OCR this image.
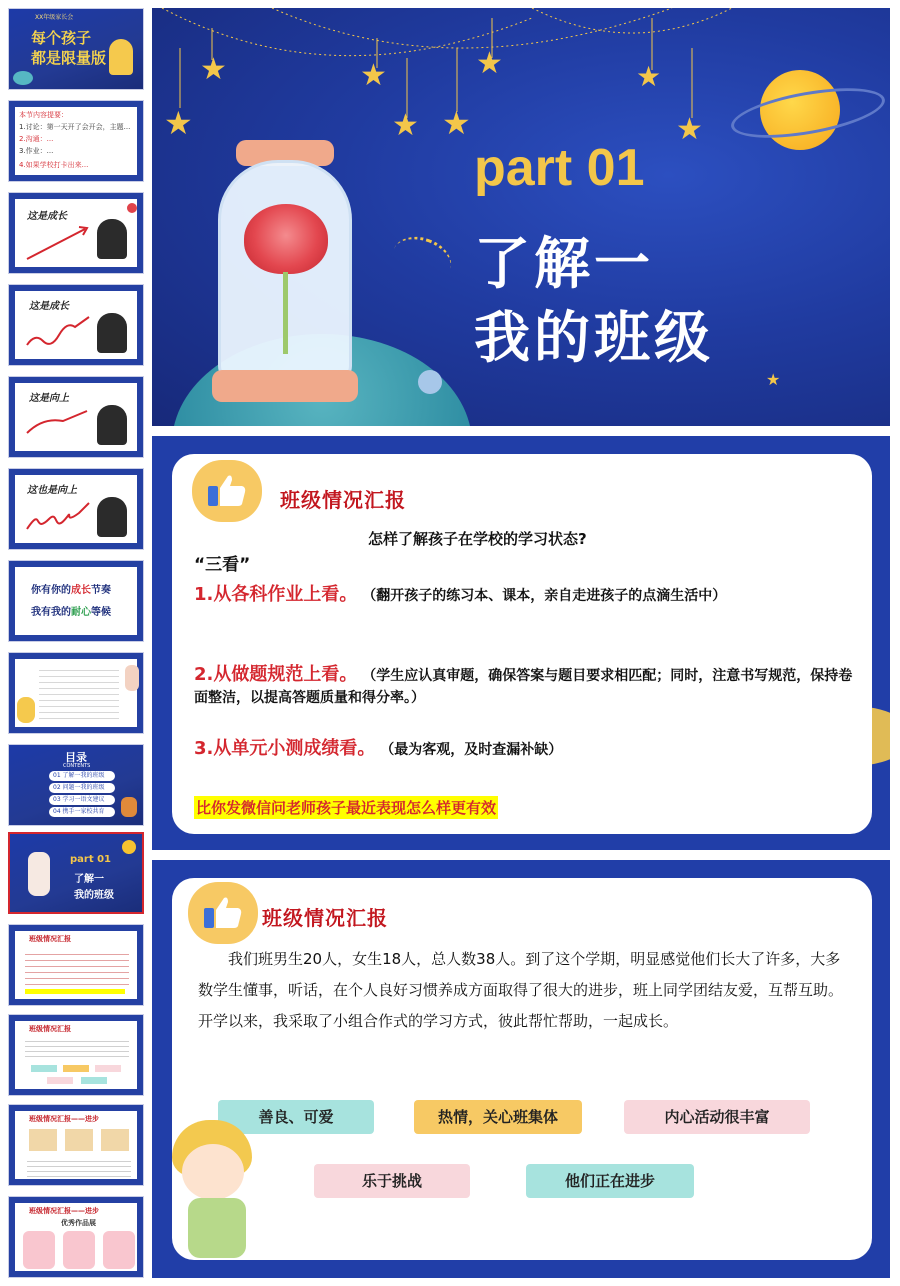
XX年级家长会
每个孩子
都是限量版
本节内容提要：
1.讨论：第一天开了会开会，主题...
2.沟通：...
3.作业：...
4.如果学校打卡出来...
这是成长
这是成长
这是向上
这也是向上
你有你的成长节奏
我有我的耐心等候
目录
CONTENTS
01 了解一我的班级
02 问题一我的班级
03 学习一语文建议
04 携手一家校共育
part 01
了解一
我的班级
班级情况汇报
班级情况汇报
班级情况汇报——进步
班级情况汇报——进步
优秀作品展
★	★	★
★
★
★
★
★
★
part 01
了解一
我的班级
班级情况汇报
怎样了解孩子在学校的学习状态?
“三看”
1.从各科作业上看。 （翻开孩子的练习本、课本，亲自走进孩子的点滴生活中）
2.从做题规范上看。 （学生应认真审题，确保答案与题目要求相匹配；同时，注意书写规范，保持卷面整洁，以提高答题质量和得分率。）
3.从单元小测成绩看。 （最为客观，及时查漏补缺）
比你发微信问老师孩子最近表现怎么样更有效
班级情况汇报
我们班男生20人，女生18人，总人数38人。到了这个学期，明显感觉他们长大了许多，大多数学生懂事，听话，在个人良好习惯养成方面取得了很大的进步，班上同学团结友爱，互帮互助。开学以来，我采取了小组合作式的学习方式，彼此帮忙帮助，一起成长。
善良、可爱	热情，关心班集体	内心活动很丰富
乐于挑战	他们正在进步
